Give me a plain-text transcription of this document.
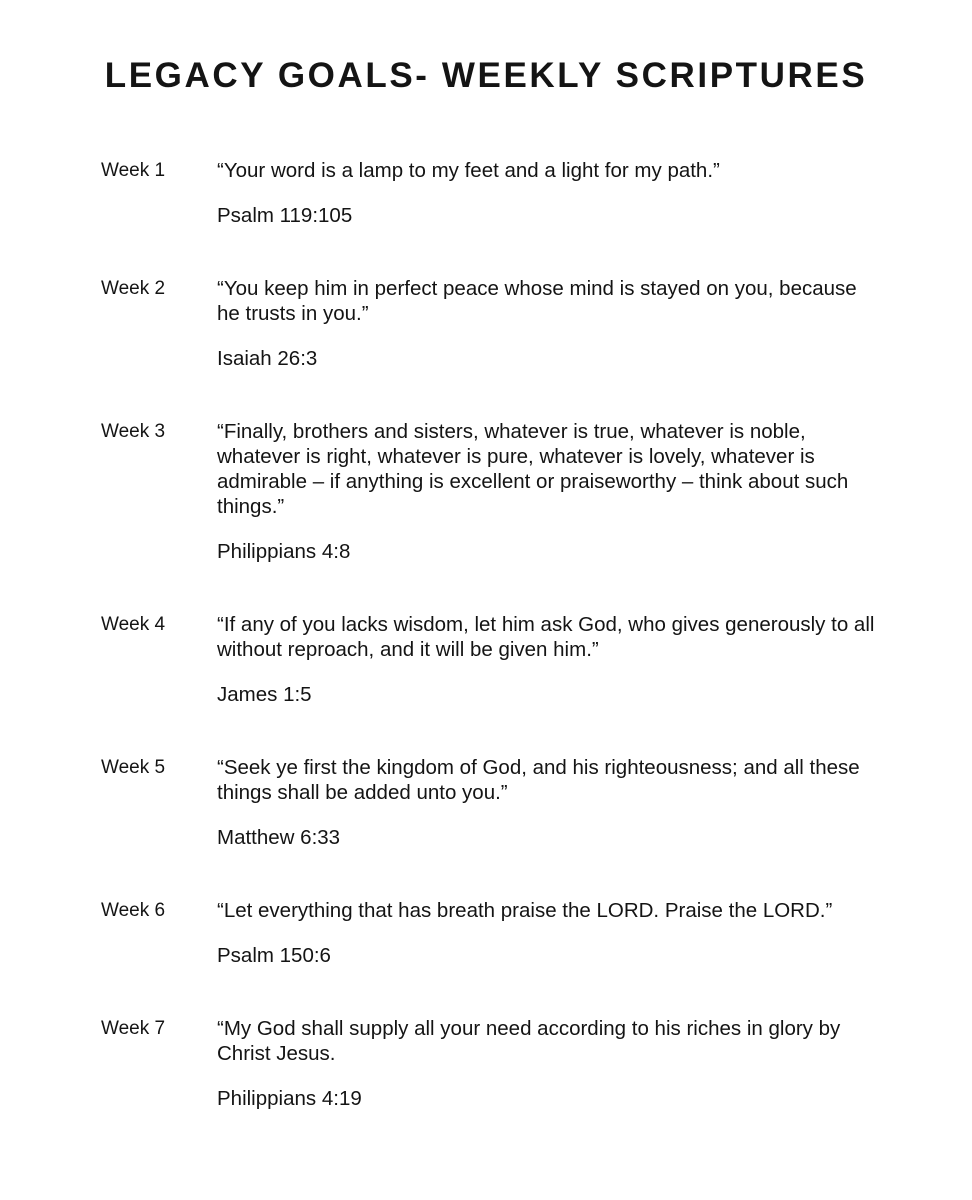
LEGACY GOALS- WEEKLY SCRIPTURES
Week 1	“Your word is a lamp to my feet and a light for my path.”

Psalm 119:105
Week 2	“You keep him in perfect peace whose mind is stayed on you, because he trusts in you.”

Isaiah 26:3
Week 3	“Finally, brothers and sisters, whatever is true, whatever is noble, whatever is right, whatever is pure, whatever is lovely, whatever is admirable – if anything is excellent or praiseworthy – think about such things.”

Philippians 4:8
Week 4	“If any of you lacks wisdom, let him ask God, who gives generously to all without reproach, and it will be given him.”

James 1:5
Week 5	“Seek ye first the kingdom of God, and his righteousness; and all these things shall be added unto you.”

Matthew 6:33
Week 6	“Let everything that has breath praise the LORD. Praise the LORD.”

Psalm 150:6
Week 7	“My God shall supply all your need according to his riches in glory by Christ Jesus.

Philippians 4:19
